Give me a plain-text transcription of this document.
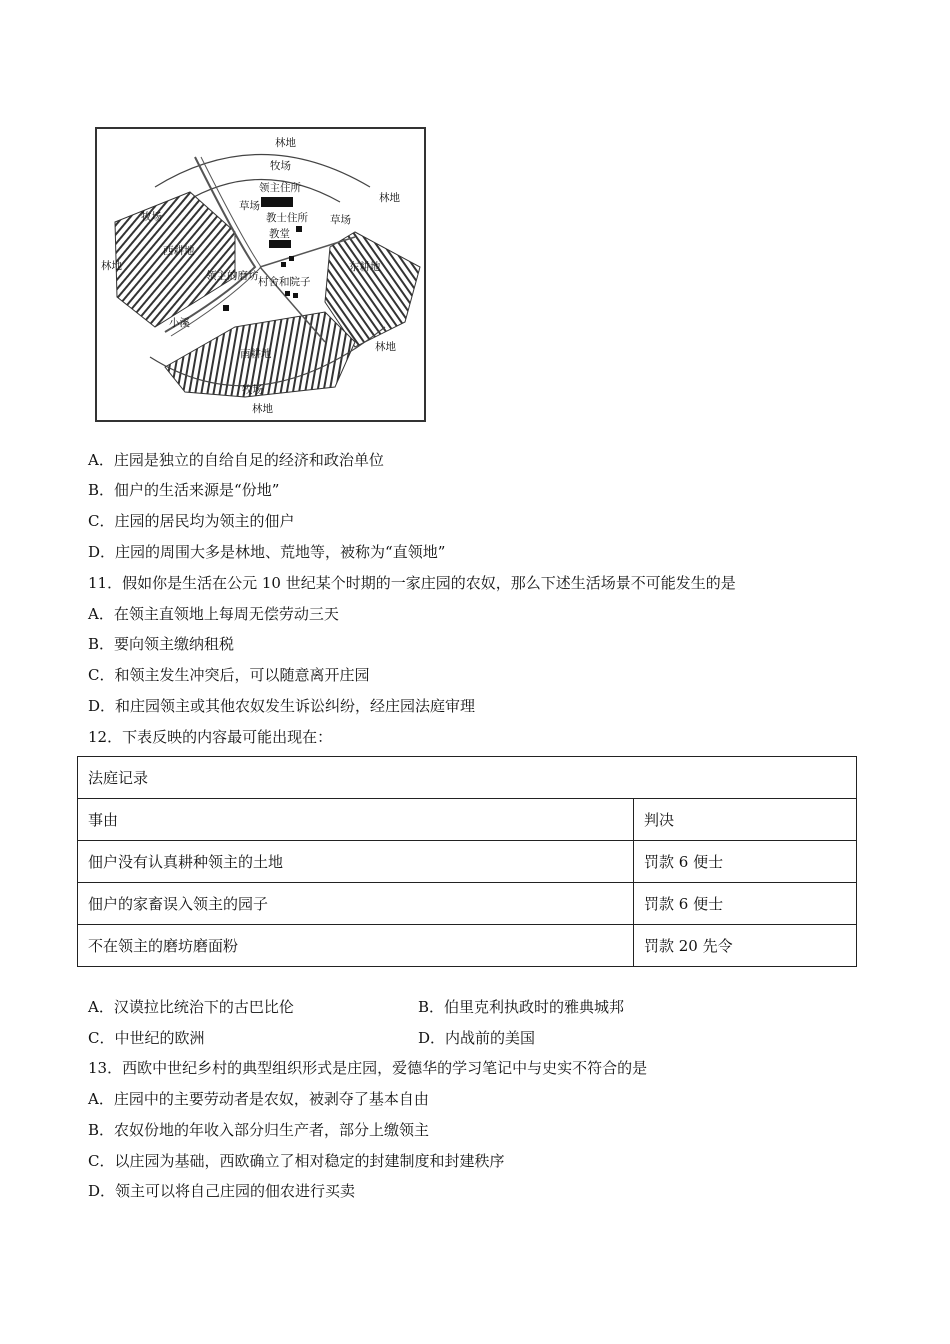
林地
牧场
领主住所
林地
草场
教士住所 草场
牧场
教堂
西耕地
东耕地
林地
领主的磨坊 村舍和院子
小溪
林地
南耕地
牧场
林地
A．庄园是独立的自给自足的经济和政治单位
B．佃户的生活来源是“份地”
C．庄园的居民均为领主的佃户
D．庄园的周围大多是林地、荒地等，被称为“直领地”
11．假如你是生活在公元 10 世纪某个时期的一家庄园的农奴，那么下述生活场景不可能发生的是
A．在领主直领地上每周无偿劳动三天
B．要向领主缴纳租税
C．和领主发生冲突后，可以随意离开庄园
D．和庄园领主或其他农奴发生诉讼纠纷，经庄园法庭审理
12．下表反映的内容最可能出现在：
法庭记录	
事由	判决
佃户没有认真耕种领主的土地	罚款 6 便士
佃户的家畜误入领主的园子	罚款 6 便士
不在领主的磨坊磨面粉	罚款 20 先令
A．汉谟拉比统治下的古巴比伦	B．伯里克利执政时的雅典城邦
C．中世纪的欧洲	D．内战前的美国
13．西欧中世纪乡村的典型组织形式是庄园，爱德华的学习笔记中与史实不符合的是
A．庄园中的主要劳动者是农奴，被剥夺了基本自由
B．农奴份地的年收入部分归生产者，部分上缴领主
C．以庄园为基础，西欧确立了相对稳定的封建制度和封建秩序
D．领主可以将自己庄园的佃农进行买卖
